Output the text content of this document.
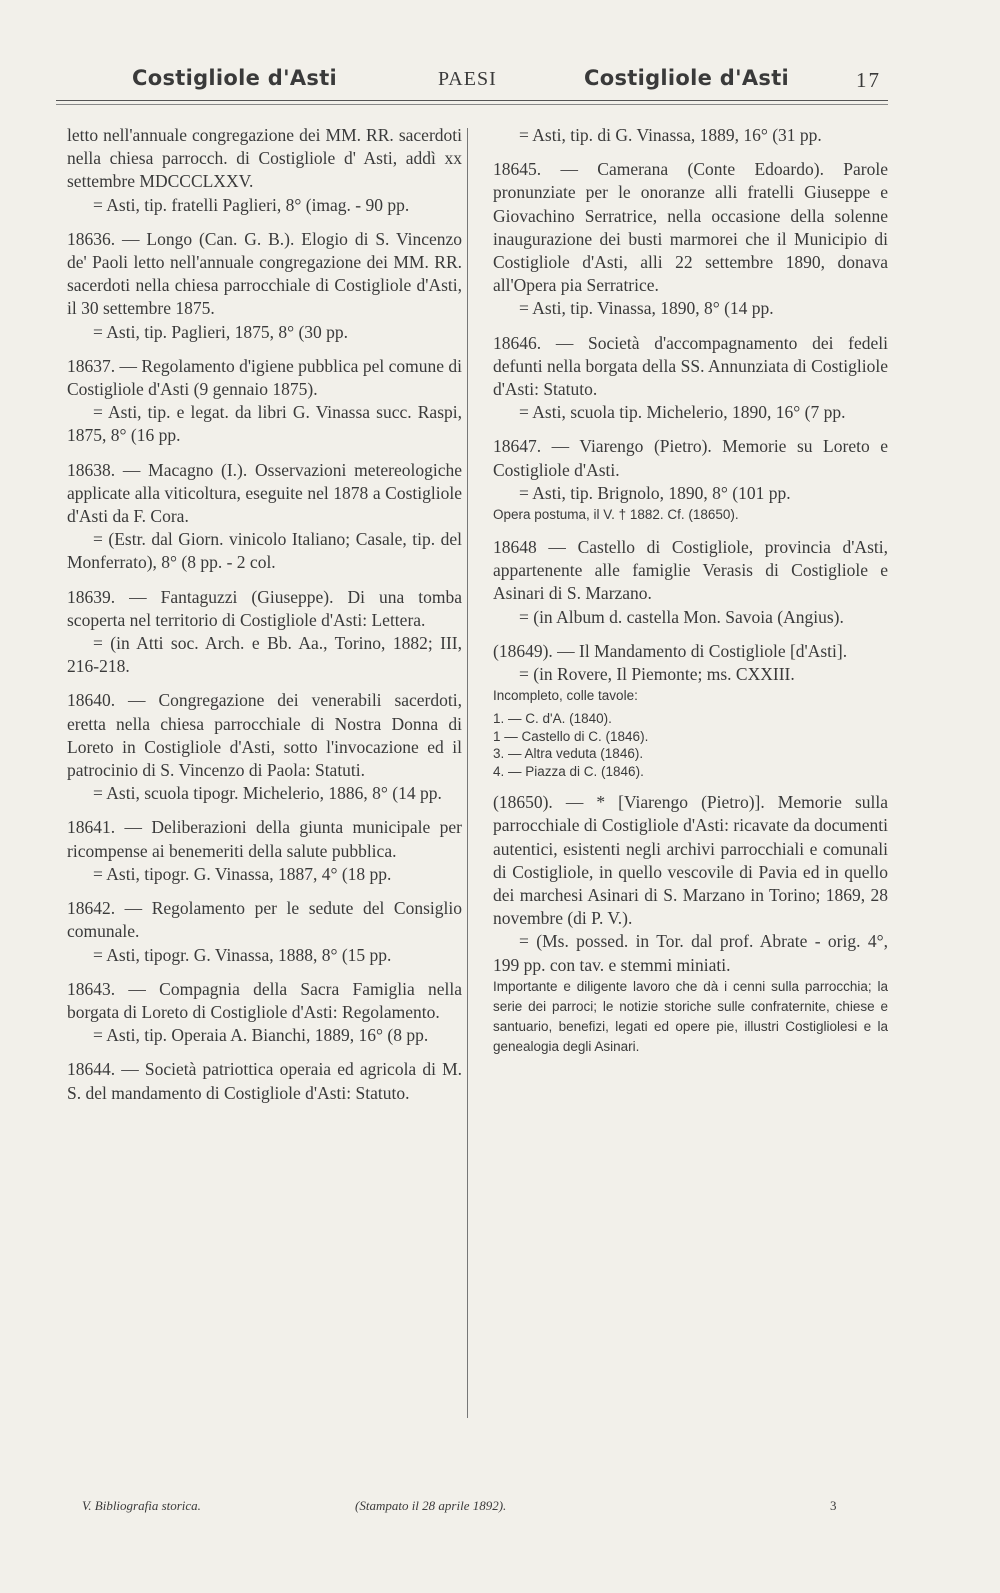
Costigliole d'Asti	PAESI	Costigliole d'Asti	17

letto nell'annuale congregazione dei MM. RR. sacerdoti nella chiesa parrocch. di Costigliole d' Asti, addì xx settembre MDCCCLXXV.

= Asti, tip. fratelli Paglieri, 8° (imag. - 90 pp.

18636. — Longo (Can. G. B.). Elogio di S. Vincenzo de' Paoli letto nell'annuale congregazione dei MM. RR. sacerdoti nella chiesa parrocchiale di Costigliole d'Asti, il 30 settembre 1875.

= Asti, tip. Paglieri, 1875, 8° (30 pp.

18637. — Regolamento d'igiene pubblica pel comune di Costigliole d'Asti (9 gennaio 1875).

= Asti, tip. e legat. da libri G. Vinassa succ. Raspi, 1875, 8° (16 pp.

18638. — Macagno (I.). Osservazioni metereologiche applicate alla viticoltura, eseguite nel 1878 a Costigliole d'Asti da F. Cora.

= (Estr. dal Giorn. vinicolo Italiano; Casale, tip. del Monferrato), 8° (8 pp. - 2 col.

18639. — Fantaguzzi (Giuseppe). Di una tomba scoperta nel territorio di Costigliole d'Asti: Lettera.

= (in Atti soc. Arch. e Bb. Aa., Torino, 1882; III, 216-218.

18640. — Congregazione dei venerabili sacerdoti, eretta nella chiesa parrocchiale di Nostra Donna di Loreto in Costigliole d'Asti, sotto l'invocazione ed il patrocinio di S. Vincenzo di Paola: Statuti.

= Asti, scuola tipogr. Michelerio, 1886, 8° (14 pp.

18641. — Deliberazioni della giunta municipale per ricompense ai benemeriti della salute pubblica.

= Asti, tipogr. G. Vinassa, 1887, 4° (18 pp.

18642. — Regolamento per le sedute del Consiglio comunale.

= Asti, tipogr. G. Vinassa, 1888, 8° (15 pp.

18643. — Compagnia della Sacra Famiglia nella borgata di Loreto di Costigliole d'Asti: Regolamento.

= Asti, tip. Operaia A. Bianchi, 1889, 16° (8 pp.

18644. — Società patriottica operaia ed agricola di M. S. del mandamento di Costigliole d'Asti: Statuto.

= Asti, tip. di G. Vinassa, 1889, 16° (31 pp.

18645. — Camerana (Conte Edoardo). Parole pronunziate per le onoranze alli fratelli Giuseppe e Giovachino Serratrice, nella occasione della solenne inaugurazione dei busti marmorei che il Municipio di Costigliole d'Asti, alli 22 settembre 1890, donava all'Opera pia Serratrice.

= Asti, tip. Vinassa, 1890, 8° (14 pp.

18646. — Società d'accompagnamento dei fedeli defunti nella borgata della SS. Annunziata di Costigliole d'Asti: Statuto.

= Asti, scuola tip. Michelerio, 1890, 16° (7 pp.

18647. — Viarengo (Pietro). Memorie su Loreto e Costigliole d'Asti.

= Asti, tip. Brignolo, 1890, 8° (101 pp.

Opera postuma, il V. † 1882. Cf. (18650).

18648 — Castello di Costigliole, provincia d'Asti, appartenente alle famiglie Verasis di Costigliole e Asinari di S. Marzano.

= (in Album d. castella Mon. Savoia (Angius).

(18649). — Il Mandamento di Costigliole [d'Asti].

= (in Rovere, Il Piemonte; ms. CXXIII.

Incompleto, colle tavole:

1. — C. d'A. (1840).
1 — Castello di C. (1846).
3. — Altra veduta (1846).
4. — Piazza di C. (1846).

(18650). — * [Viarengo (Pietro)]. Memorie sulla parrocchiale di Costigliole d'Asti: ricavate da documenti autentici, esistenti negli archivi parrocchiali e comunali di Costigliole, in quello vescovile di Pavia ed in quello dei marchesi Asinari di S. Marzano in Torino; 1869, 28 novembre (di P. V.).

= (Ms. possed. in Tor. dal prof. Abrate - orig. 4°, 199 pp. con tav. e stemmi miniati.

Importante e diligente lavoro che dà i cenni sulla parrocchia; la serie dei parroci; le notizie storiche sulle confraternite, chiese e santuario, benefizi, legati ed opere pie, illustri Costigliolesi e la genealogia degli Asinari.

V. Bibliografia storica.	(Stampato il 28 aprile 1892).	3
